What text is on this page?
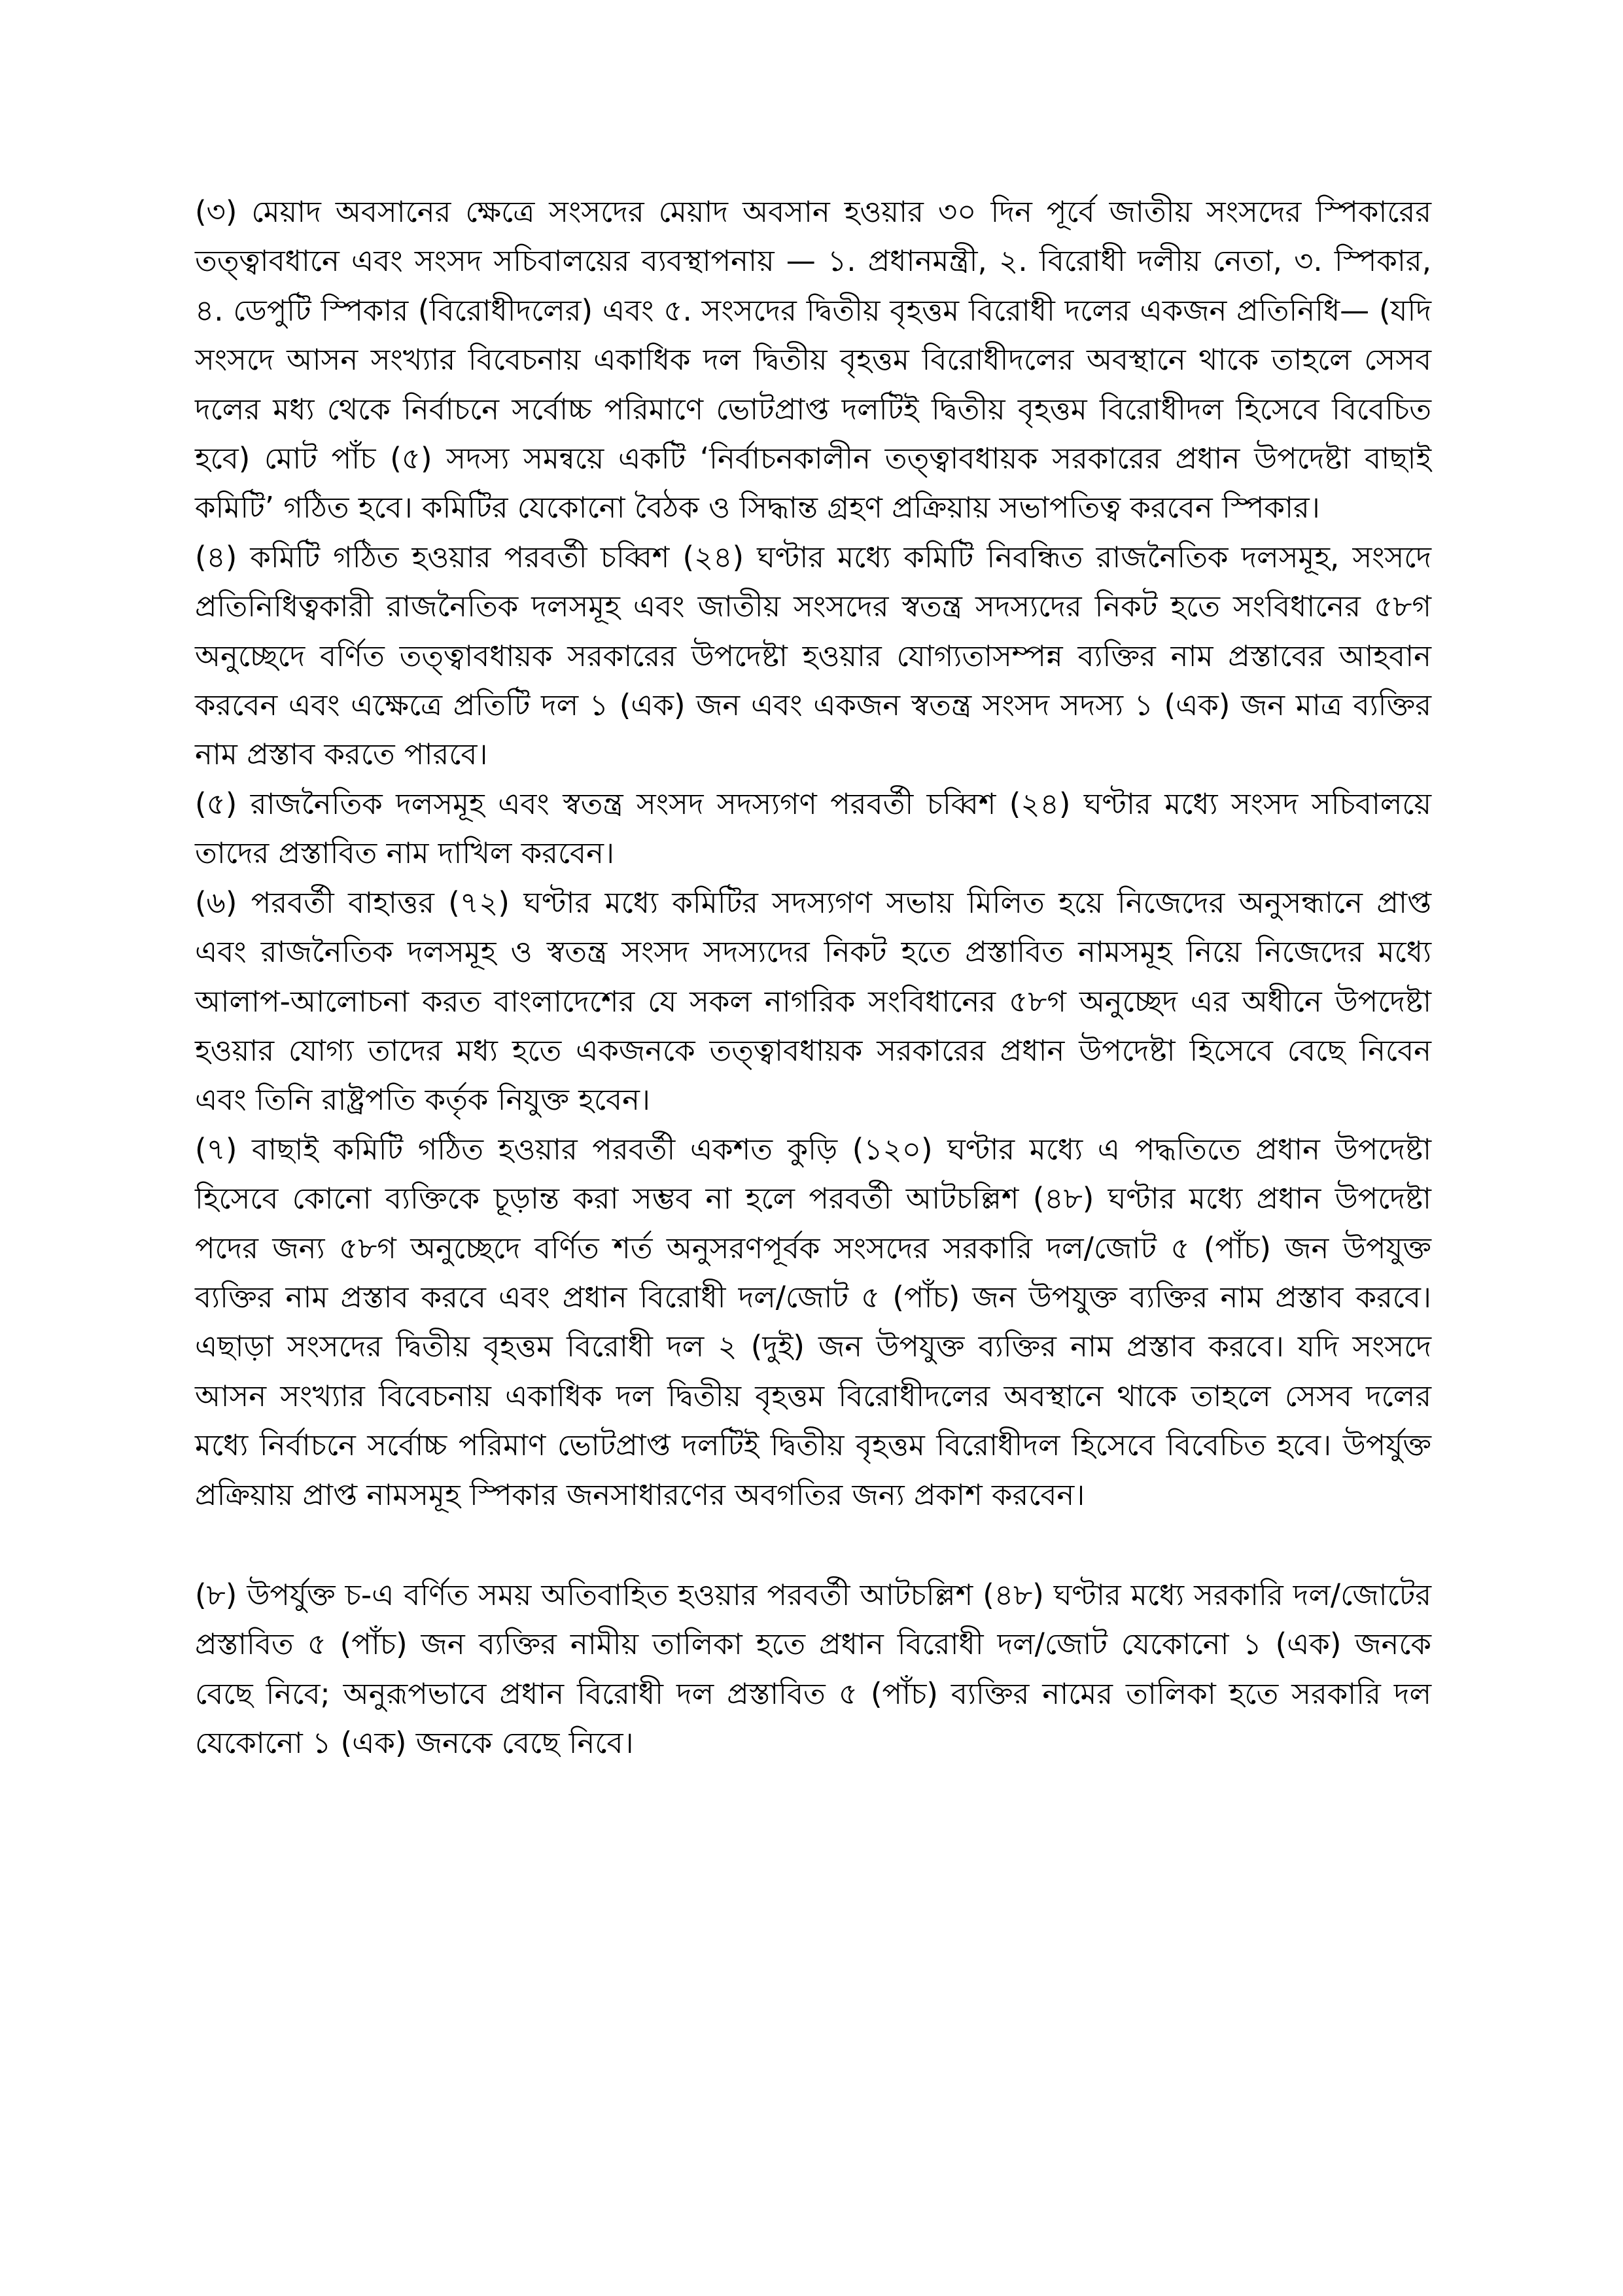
(৩) মেয়াদ অবসানের ক্ষেত্রে সংসদের মেয়াদ অবসান হওয়ার ৩০ দিন পূর্বে জাতীয় সংসদের স্পিকারের তত্ত্বাবধানে এবং সংসদ সচিবালয়ের ব্যবস্থাপনায় — ১. প্রধানমন্ত্রী, ২. বিরোধী দলীয় নেতা, ৩. স্পিকার, ৪. ডেপুটি স্পিকার (বিরোধীদলের) এবং ৫. সংসদের দ্বিতীয় বৃহত্তম বিরোধী দলের একজন প্রতিনিধি— (যদি সংসদে আসন সংখ্যার বিবেচনায় একাধিক দল দ্বিতীয় বৃহত্তম বিরোধীদলের অবস্থানে থাকে তাহলে সেসব দলের মধ্য থেকে নির্বাচনে সর্বোচ্চ পরিমাণে ভোটপ্রাপ্ত দলটিই দ্বিতীয় বৃহত্তম বিরোধীদল হিসেবে বিবেচিত হবে) মোট পাঁচ (৫) সদস্য সমন্বয়ে একটি ‘নির্বাচনকালীন তত্ত্বাবধায়ক সরকারের প্রধান উপদেষ্টা বাছাই কমিটি’ গঠিত হবে। কমিটির যেকোনো বৈঠক ও সিদ্ধান্ত গ্রহণ প্রক্রিয়ায় সভাপতিত্ব করবেন স্পিকার।

(৪) কমিটি গঠিত হওয়ার পরবর্তী চব্বিশ (২৪) ঘণ্টার মধ্যে কমিটি নিবন্ধিত রাজনৈতিক দলসমূহ, সংসদে প্রতিনিধিত্বকারী রাজনৈতিক দলসমূহ এবং জাতীয় সংসদের স্বতন্ত্র সদস্যদের নিকট হতে সংবিধানের ৫৮গ অনুচ্ছেদে বর্ণিত তত্ত্বাবধায়ক সরকারের উপদেষ্টা হওয়ার যোগ্যতাসম্পন্ন ব্যক্তির নাম প্রস্তাবের আহবান করবেন এবং এক্ষেত্রে প্রতিটি দল ১ (এক) জন এবং একজন স্বতন্ত্র সংসদ সদস্য ১ (এক) জন মাত্র ব্যক্তির নাম প্রস্তাব করতে পারবে।

(৫) রাজনৈতিক দলসমূহ এবং স্বতন্ত্র সংসদ সদস্যগণ পরবর্তী চব্বিশ (২৪) ঘণ্টার মধ্যে সংসদ সচিবালয়ে তাদের প্রস্তাবিত নাম দাখিল করবেন।

(৬) পরবর্তী বাহাত্তর (৭২) ঘণ্টার মধ্যে কমিটির সদস্যগণ সভায় মিলিত হয়ে নিজেদের অনুসন্ধানে প্রাপ্ত এবং রাজনৈতিক দলসমূহ ও স্বতন্ত্র সংসদ সদস্যদের নিকট হতে প্রস্তাবিত নামসমূহ নিয়ে নিজেদের মধ্যে আলাপ-আলোচনা করত বাংলাদেশের যে সকল নাগরিক সংবিধানের ৫৮গ অনুচ্ছেদ এর অধীনে উপদেষ্টা হওয়ার যোগ্য তাদের মধ্য হতে একজনকে তত্ত্বাবধায়ক সরকারের প্রধান উপদেষ্টা হিসেবে বেছে নিবেন এবং তিনি রাষ্ট্রপতি কর্তৃক নিযুক্ত হবেন।

(৭) বাছাই কমিটি গঠিত হওয়ার পরবর্তী একশত কুড়ি (১২০) ঘণ্টার মধ্যে এ পদ্ধতিতে প্রধান উপদেষ্টা হিসেবে কোনো ব্যক্তিকে চূড়ান্ত করা সম্ভব না হলে পরবর্তী আটচল্লিশ (৪৮) ঘণ্টার মধ্যে প্রধান উপদেষ্টা পদের জন্য ৫৮গ অনুচ্ছেদে বর্ণিত শর্ত অনুসরণপূর্বক সংসদের সরকারি দল/জোট ৫ (পাঁচ) জন উপযুক্ত ব্যক্তির নাম প্রস্তাব করবে এবং প্রধান বিরোধী দল/জোট ৫ (পাঁচ) জন উপযুক্ত ব্যক্তির নাম প্রস্তাব করবে। এছাড়া সংসদের দ্বিতীয় বৃহত্তম বিরোধী দল ২ (দুই) জন উপযুক্ত ব্যক্তির নাম প্রস্তাব করবে। যদি সংসদে আসন সংখ্যার বিবেচনায় একাধিক দল দ্বিতীয় বৃহত্তম বিরোধীদলের অবস্থানে থাকে তাহলে সেসব দলের মধ্যে নির্বাচনে সর্বোচ্চ পরিমাণ ভোটপ্রাপ্ত দলটিই দ্বিতীয় বৃহত্তম বিরোধীদল হিসেবে বিবেচিত হবে। উপর্যুক্ত প্রক্রিয়ায় প্রাপ্ত নামসমূহ স্পিকার জনসাধারণের অবগতির জন্য প্রকাশ করবেন।

(৮) উপর্যুক্ত চ-এ বর্ণিত সময় অতিবাহিত হওয়ার পরবর্তী আটচল্লিশ (৪৮) ঘণ্টার মধ্যে সরকারি দল/জোটের প্রস্তাবিত ৫ (পাঁচ) জন ব্যক্তির নামীয় তালিকা হতে প্রধান বিরোধী দল/জোট যেকোনো ১ (এক) জনকে বেছে নিবে; অনুরূপভাবে প্রধান বিরোধী দল প্রস্তাবিত ৫ (পাঁচ) ব্যক্তির নামের তালিকা হতে সরকারি দল যেকোনো ১ (এক) জনকে বেছে নিবে।
